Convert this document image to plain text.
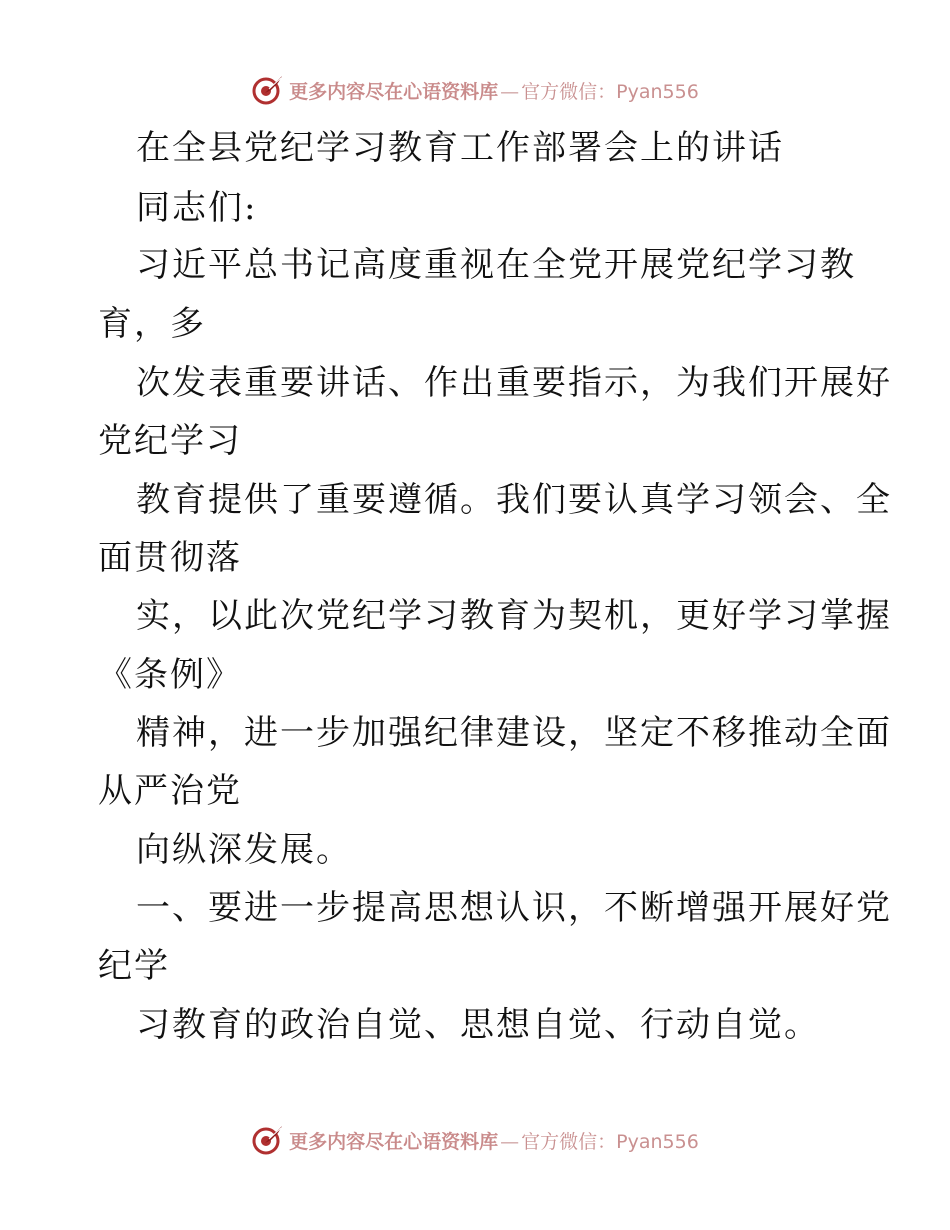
更多内容尽在心语资料库 — 官方微信：Pyan556
在全县党纪学习教育工作部署会上的讲话
同志们:
习近平总书记高度重视在全党开展党纪学习教
育，多
次发表重要讲话、作出重要指示，为我们开展好
党纪学习
教育提供了重要遵循。我们要认真学习领会、全
面贯彻落
实，以此次党纪学习教育为契机，更好学习掌握
《条例》
精神，进一步加强纪律建设，坚定不移推动全面
从严治党
向纵深发展。
一、要进一步提高思想认识，不断增强开展好党
纪学
习教育的政治自觉、思想自觉、行动自觉。
更多内容尽在心语资料库 — 官方微信：Pyan556
